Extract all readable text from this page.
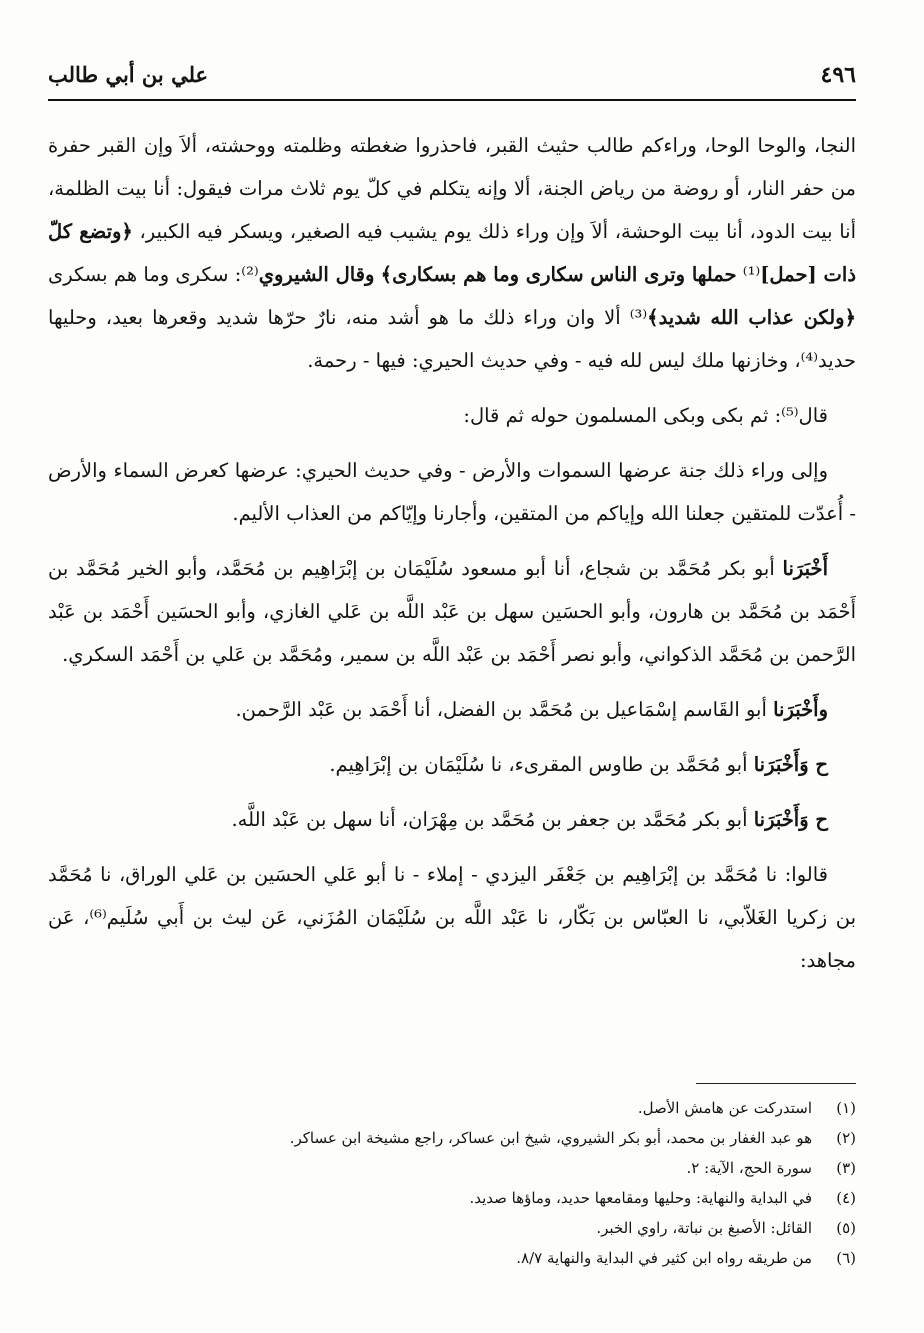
٤٩٦
علي بن أبي طالب

النجا، والوحا الوحا، وراءكم طالب حثيث القبر، فاحذروا ضغطته وظلمته ووحشته، ألاَ وإن القبر حفرة من حفر النار، أو روضة من رياض الجنة، ألا وإنه يتكلم في كلّ يوم ثلاث مرات فيقول: أنا بيت الظلمة، أنا بيت الدود، أنا بيت الوحشة، ألاَ وإن وراء ذلك يوم يشيب فيه الصغير، ويسكر فيه الكبير، ﴿وتضع كلّ ذات [حمل]⁽¹⁾ حملها وترى الناس سكارى وما هم بسكارى﴾ وقال الشيروي⁽²⁾: سكرى وما هم بسكرى ﴿ولكن عذاب الله شديد﴾⁽³⁾ ألا وان وراء ذلك ما هو أشد منه، نارٌ حرّها شديد وقعرها بعيد، وحليها حديد⁽⁴⁾، وخازنها ملك ليس لله فيه - وفي حديث الحيري: فيها - رحمة.

قال⁽⁵⁾: ثم بكى وبكى المسلمون حوله ثم قال:

وإلى وراء ذلك جنة عرضها السموات والأرض - وفي حديث الحيري: عرضها كعرض السماء والأرض - أُعدّت للمتقين جعلنا الله وإياكم من المتقين، وأجارنا وإيّاكم من العذاب الأليم.

أَخْبَرَنا أبو بكر مُحَمَّد بن شجاع، أنا أبو مسعود سُلَيْمَان بن إبْرَاهِيم بن مُحَمَّد، وأبو الخير مُحَمَّد بن أَحْمَد بن مُحَمَّد بن هارون، وأبو الحسَين سهل بن عَبْد اللَّه بن عَلي الغازي، وأبو الحسَين أَحْمَد بن عَبْد الرَّحمن بن مُحَمَّد الذكواني، وأبو نصر أَحْمَد بن عَبْد اللَّه بن سمير، ومُحَمَّد بن عَلي بن أَحْمَد السكري.

وأَخْبَرَنا أبو القَاسم إسْمَاعيل بن مُحَمَّد بن الفضل، أنا أَحْمَد بن عَبْد الرَّحمن.

ح وَأَخْبَرَنا أبو مُحَمَّد بن طاوس المقرىء، نا سُلَيْمَان بن إبْرَاهِيم.

ح وَأَخْبَرَنا أبو بكر مُحَمَّد بن جعفر بن مُحَمَّد بن مِهْرَان، أنا سهل بن عَبْد اللَّه.

قالوا: نا مُحَمَّد بن إبْرَاهِيم بن جَعْفَر اليزدي - إملاء - نا أبو عَلي الحسَين بن عَلي الوراق، نا مُحَمَّد بن زكريا الغَلاّبي، نا العبّاس بن بَكّار، نا عَبْد اللَّه بن سُلَيْمَان المُزَني، عَن ليث بن أَبي سُلَيم⁽⁶⁾، عَن مجاهد:

(١)
استدركت عن هامش الأصل.
(٢)
هو عبد الغفار بن محمد، أبو بكر الشيروي، شيخ ابن عساكر، راجع مشيخة ابن عساكر.
(٣)
سورة الحج، الآية: ٢.
(٤)
في البداية والنهاية: وحليها ومقامعها حديد، وماؤها صديد.
(٥)
القائل: الأصبغ بن نباتة، راوي الخبر.
(٦)
من طريقه رواه ابن كثير في البداية والنهاية ٨/٧.
